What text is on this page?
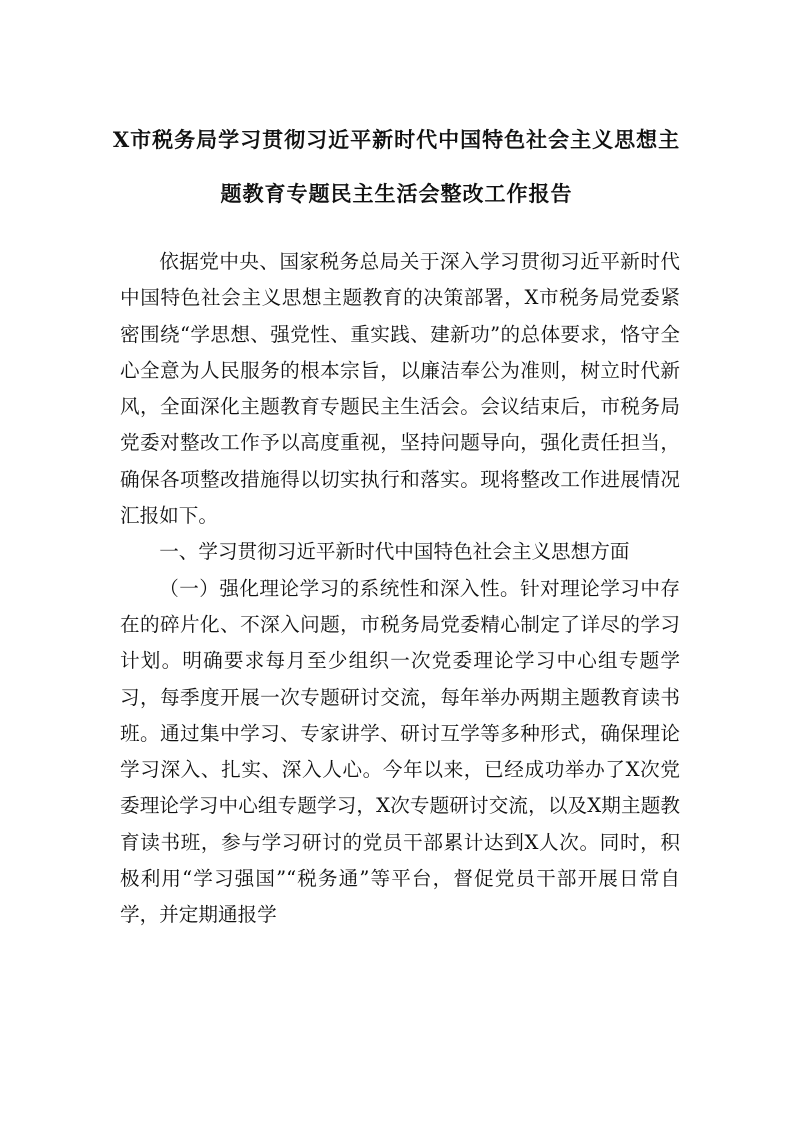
X市税务局学习贯彻习近平新时代中国特色社会主义思想主
题教育专题民主生活会整改工作报告

依据党中央、国家税务总局关于深入学习贯彻习近平新时代中国特色社会主义思想主题教育的决策部署，X市税务局党委紧密围绕“学思想、强党性、重实践、建新功”的总体要求，恪守全心全意为人民服务的根本宗旨，以廉洁奉公为准则，树立时代新风，全面深化主题教育专题民主生活会。会议结束后，市税务局党委对整改工作予以高度重视，坚持问题导向，强化责任担当，确保各项整改措施得以切实执行和落实。现将整改工作进展情况汇报如下。

一、学习贯彻习近平新时代中国特色社会主义思想方面

（一）强化理论学习的系统性和深入性。针对理论学习中存在的碎片化、不深入问题，市税务局党委精心制定了详尽的学习计划。明确要求每月至少组织一次党委理论学习中心组专题学习，每季度开展一次专题研讨交流，每年举办两期主题教育读书班。通过集中学习、专家讲学、研讨互学等多种形式，确保理论学习深入、扎实、深入人心。今年以来，已经成功举办了X次党委理论学习中心组专题学习，X次专题研讨交流，以及X期主题教育读书班，参与学习研讨的党员干部累计达到X人次。同时，积极利用“学习强国”“税务通”等平台，督促党员干部开展日常自学，并定期通报学
